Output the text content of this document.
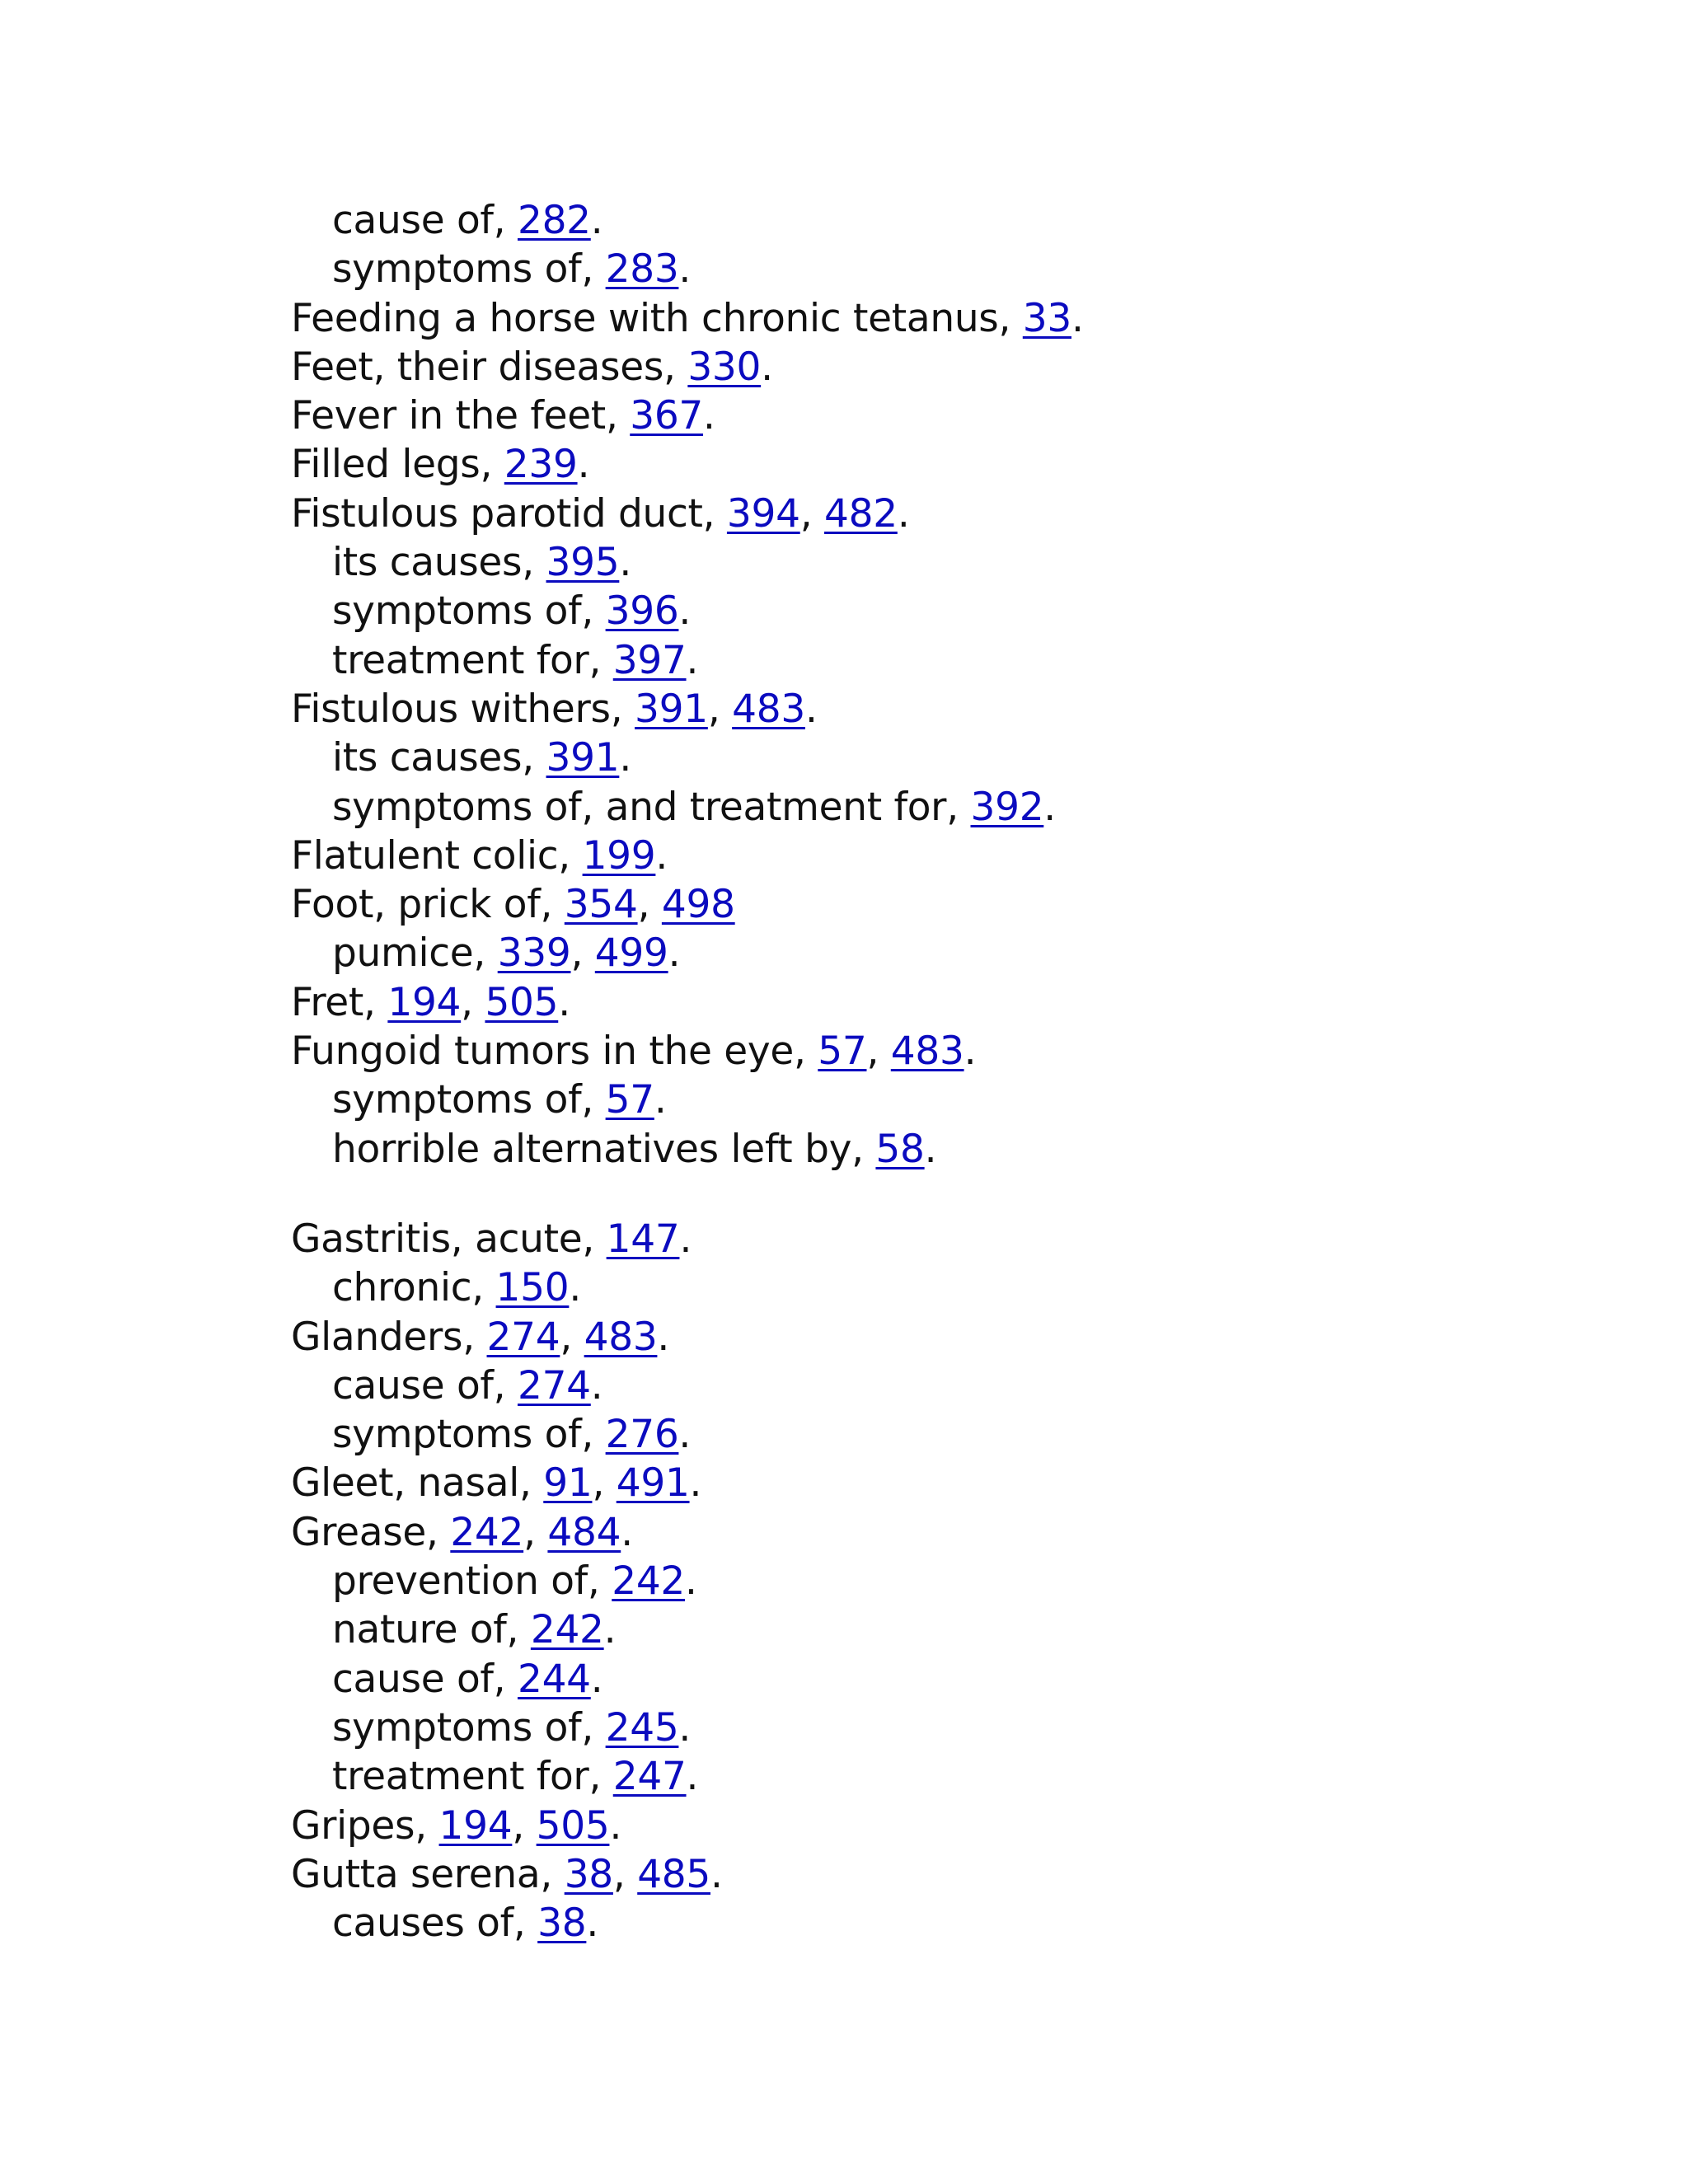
cause of, 282.
symptoms of, 283.
Feeding a horse with chronic tetanus, 33.
Feet, their diseases, 330.
Fever in the feet, 367.
Filled legs, 239.
Fistulous parotid duct, 394, 482.
its causes, 395.
symptoms of, 396.
treatment for, 397.
Fistulous withers, 391, 483.
its causes, 391.
symptoms of, and treatment for, 392.
Flatulent colic, 199.
Foot, prick of, 354, 498
pumice, 339, 499.
Fret, 194, 505.
Fungoid tumors in the eye, 57, 483.
symptoms of, 57.
horrible alternatives left by, 58.
Gastritis, acute, 147.
chronic, 150.
Glanders, 274, 483.
cause of, 274.
symptoms of, 276.
Gleet, nasal, 91, 491.
Grease, 242, 484.
prevention of, 242.
nature of, 242.
cause of, 244.
symptoms of, 245.
treatment for, 247.
Gripes, 194, 505.
Gutta serena, 38, 485.
causes of, 38.
